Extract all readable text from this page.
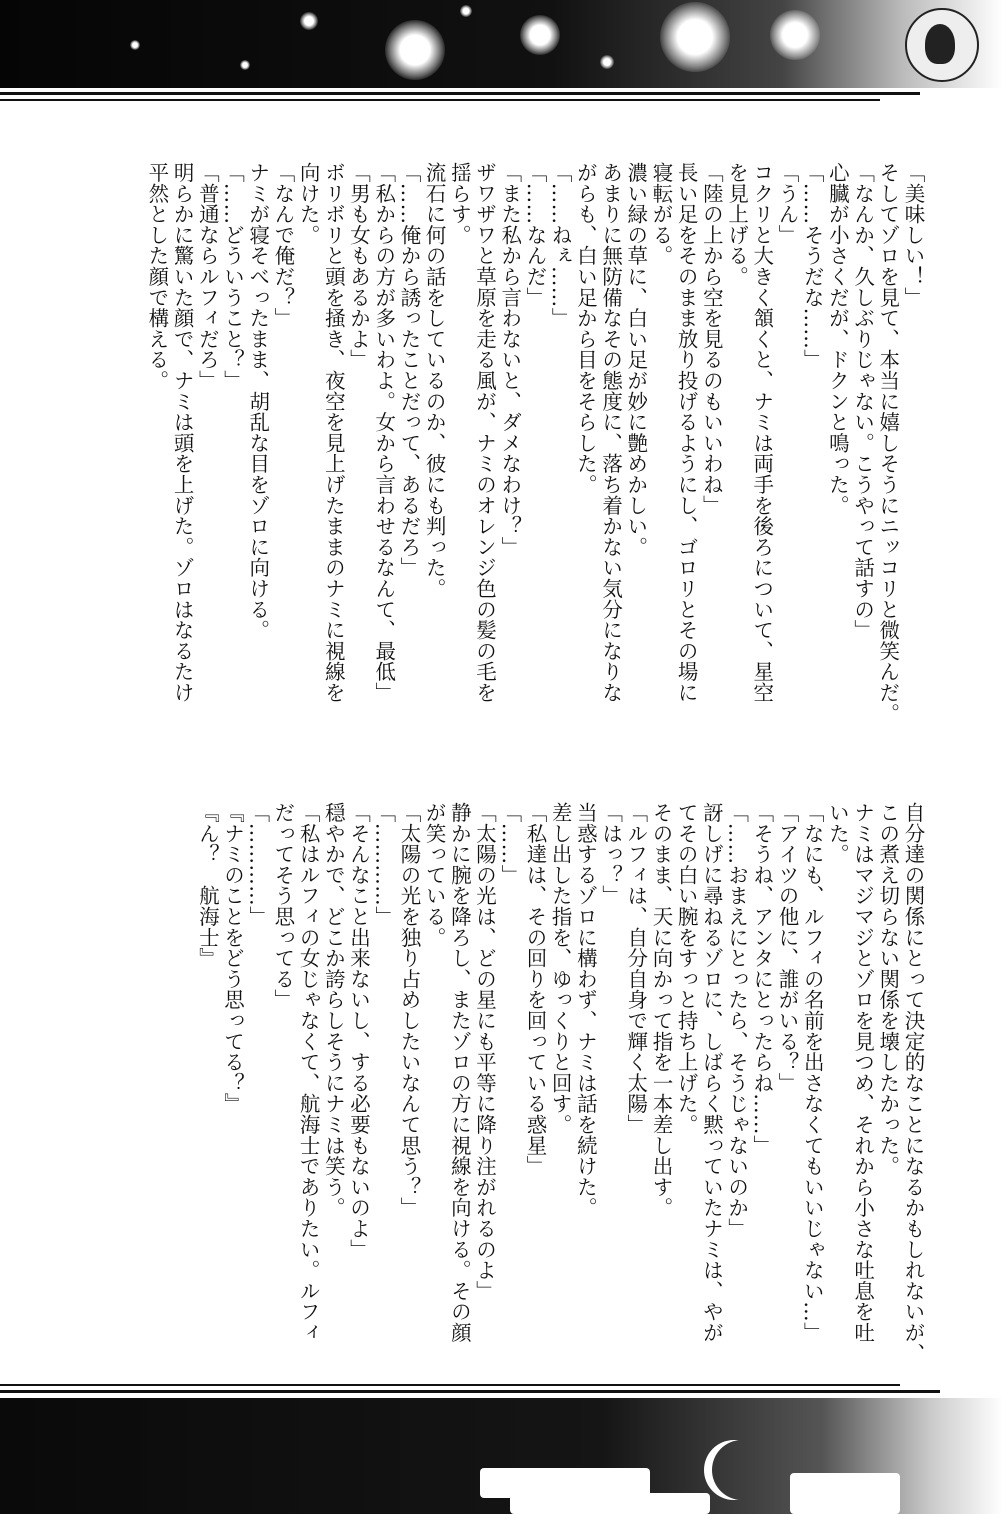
「美味しい！」

そしてゾロを見て、本当に嬉しそうにニッコリと微笑んだ。

「なんか、久しぶりじゃない。こうやって話すの」

心臓が小さくだが、ドクンと鳴った。

「……そうだな……」

「うん」

コクリと大きく頷くと、ナミは両手を後ろについて、星空

を見上げる。

「陸の上から空を見るのもいいわね」

長い足をそのまま放り投げるようにし、ゴロリとその場に

寝転がる。

濃い緑の草に、白い足が妙に艶めかしい。

あまりに無防備なその態度に、落ち着かない気分になりな

がらも、白い足から目をそらした。

「……ねぇ……」

「……なんだ」

「また私から言わないと、ダメなわけ？」

ザワザワと草原を走る風が、ナミのオレンジ色の髪の毛を

揺らす。

流石に何の話をしているのか、彼にも判った。

「……俺から誘ったことだって、あるだろ」

「私からの方が多いわよ。女から言わせるなんて、最低」

「男も女もあるかよ」

ボリボリと頭を掻き、夜空を見上げたままのナミに視線を

向けた。

「なんで俺だ？」

ナミが寝そべったまま、胡乱な目をゾロに向ける。

「……どういうこと？」

「普通ならルフィだろ」

明らかに驚いた顔で、ナミは頭を上げた。ゾロはなるたけ

平然とした顔で構える。

自分達の関係にとって決定的なことになるかもしれないが、

この煮え切らない関係を壊したかった。

ナミはマジマジとゾロを見つめ、それから小さな吐息を吐

いた。

「なにも、ルフィの名前を出さなくてもいいじゃない…」

「アイツの他に、誰がいる？」

「そうね、アンタにとったらね……」

「……おまえにとったら、そうじゃないのか」

訝しげに尋ねるゾロに、しばらく黙っていたナミは、やが

てその白い腕をすっと持ち上げた。

そのまま、天に向かって指を一本差し出す。

「ルフィは、自分自身で輝く太陽」

「はっ？」

当惑するゾロに構わず、ナミは話を続けた。

差し出した指を、ゆっくりと回す。

「私達は、その回りを回っている惑星」

「……」

「太陽の光は、どの星にも平等に降り注がれるのよ」

静かに腕を降ろし、またゾロの方に視線を向ける。その顔

が笑っている。

「太陽の光を独り占めしたいなんて思う？」

「…………」

「そんなこと出来ないし、する必要もないのよ」

穏やかで、どこか誇らしそうにナミは笑う。

「私はルフィの女じゃなくて、航海士でありたい。ルフィ

だってそう思ってる」

「…………」

『ナミのことをどう思ってる？』

『ん？　航海士』
